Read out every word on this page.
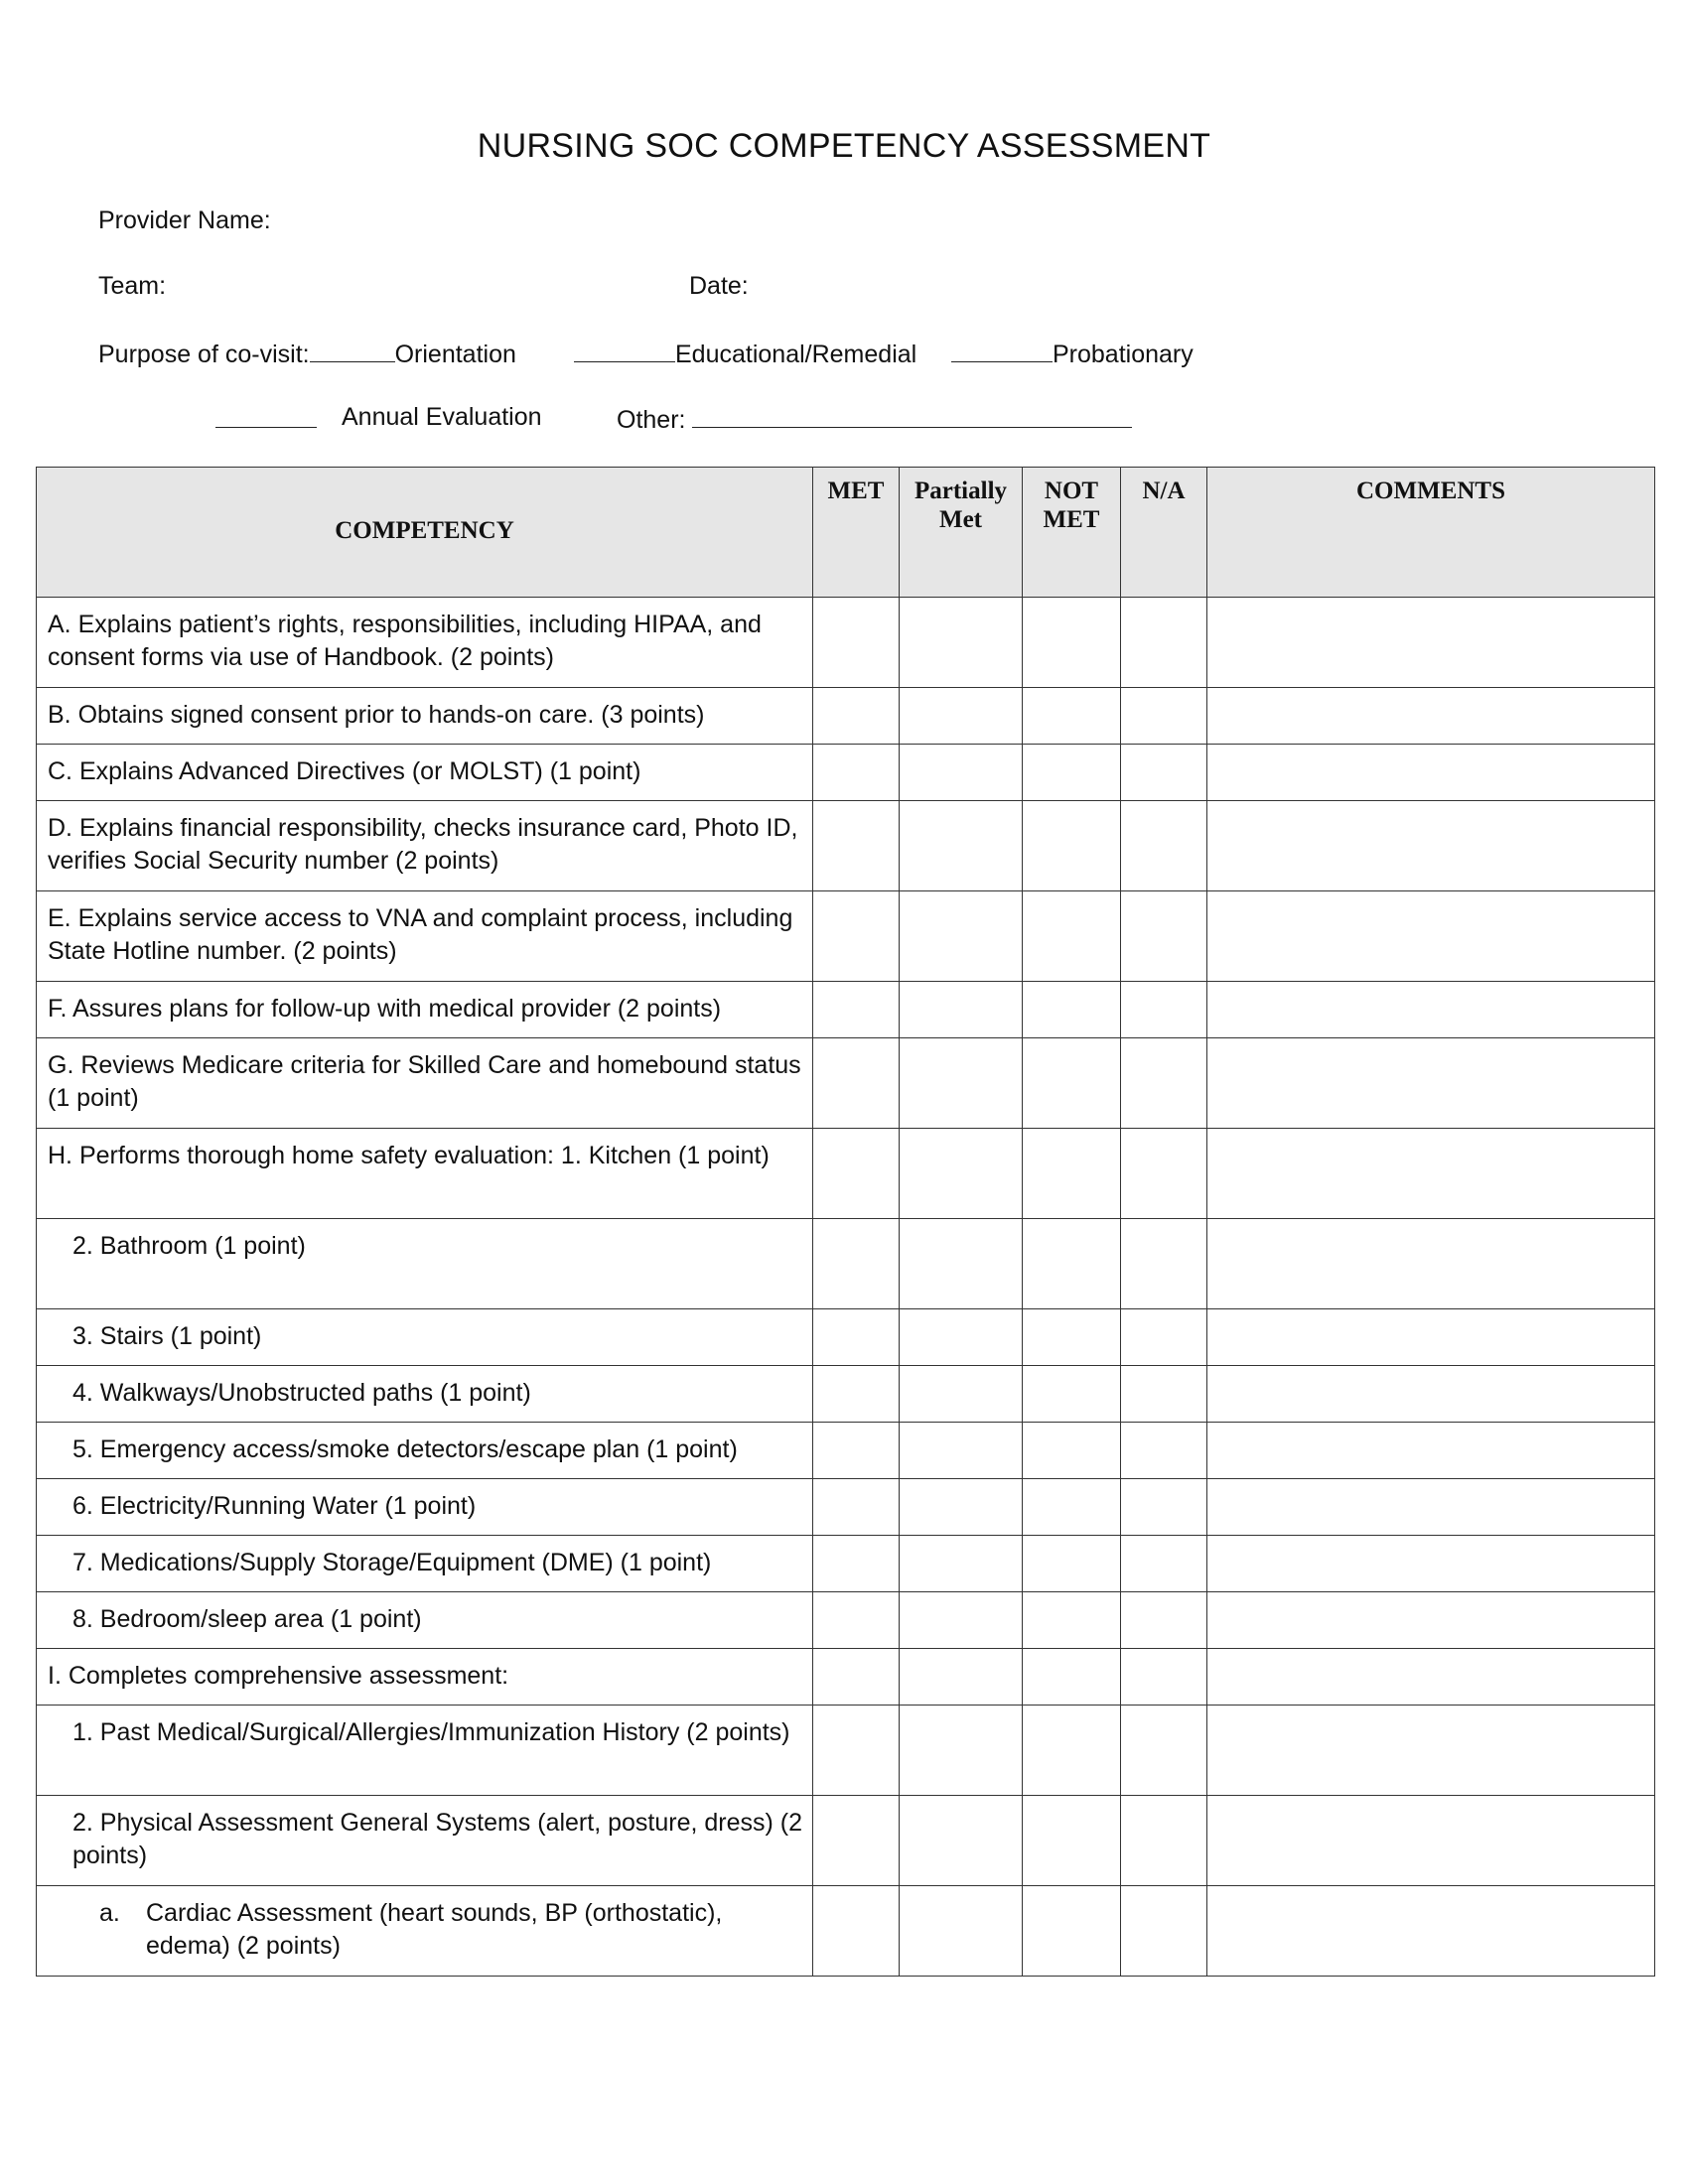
NURSING SOC COMPETENCY ASSESSMENT
Provider Name:
Team:	Date:
Purpose of co-visit:	Orientation	Educational/Remedial	Probationary
Annual Evaluation	Other:
COMPETENCY	MET	Partially Met	NOT MET	N/A	COMMENTS
A. Explains patient’s rights, responsibilities, including HIPAA, and consent forms via use of Handbook. (2 points)					
B. Obtains signed consent prior to hands-on care. (3 points)					
C. Explains Advanced Directives (or MOLST) (1 point)					
D. Explains financial responsibility, checks insurance card, Photo ID, verifies Social Security number (2 points)					
E. Explains service access to VNA and complaint process, including State Hotline number. (2 points)					
F. Assures plans for follow-up with medical provider (2 points)					
G. Reviews Medicare criteria for Skilled Care and homebound status (1 point)					
H. Performs thorough home safety evaluation: 1. Kitchen (1 point)					
2. Bathroom (1 point)					
3. Stairs (1 point)					
4. Walkways/Unobstructed paths (1 point)					
5. Emergency access/smoke detectors/escape plan (1 point)					
6. Electricity/Running Water (1 point)					
7. Medications/Supply Storage/Equipment (DME) (1 point)					
8. Bedroom/sleep area (1 point)					
I. Completes comprehensive assessment:					
1. Past Medical/Surgical/Allergies/Immunization History (2 points)					
2. Physical Assessment General Systems (alert, posture, dress) (2 points)					

a. Cardiac Assessment (heart sounds, BP (orthostatic), edema) (2 points)					
